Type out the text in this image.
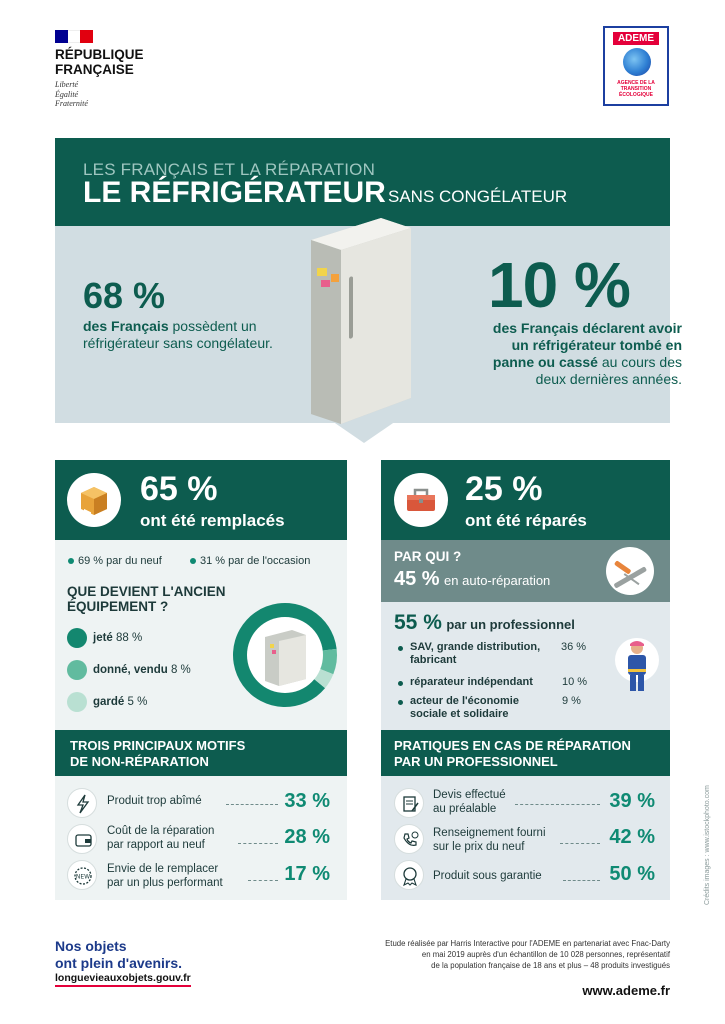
RÉPUBLIQUE
FRANÇAISE
Liberté
Égalité
Fraternité
ADEME
AGENCE DE LA
TRANSITION
ÉCOLOGIQUE
LES FRANÇAIS ET LA RÉPARATION
LE RÉFRIGÉRATEUR SANS CONGÉLATEUR
68 %
des Français possèdent un réfrigérateur sans congélateur.
10 %
des Français déclarent avoir un réfrigérateur tombé en panne ou cassé au cours des deux dernières années.
65 %
ont été remplacés
69 % par du neuf	31 % par de l'occasion
QUE DEVIENT L'ANCIEN
ÉQUIPEMENT ?
jeté 88 %
donné, vendu 8 %
gardé 5 %
TROIS PRINCIPAUX MOTIFS
DE NON-RÉPARATION
Produit trop abîmé	33 %
Coût de la réparation
par rapport au neuf	28 %
NEW
Envie de le remplacer
par un plus performant	17 %
25 %
ont été réparés
PAR QUI ?
45 % en auto-réparation
55 % par un professionnel
SAV, grande distribution,
fabricant
36 %
réparateur indépendant	10 %
acteur de l'économie
sociale et solidaire
9 %
PRATIQUES EN CAS DE RÉPARATION
PAR UN PROFESSIONNEL
Devis effectué
au préalable	39 %
Renseignement fourni
sur le prix du neuf	42 %
Produit sous garantie	50 %	Crédits images : www.istockphoto.com
Nos objets
ont plein d'avenirs.
longuevieauxobjets.gouv.fr
Etude réalisée par Harris Interactive pour l'ADEME en partenariat avec Fnac-Darty
en mai 2019 auprès d'un échantillon de 10 028 personnes, représentatif
de la population française de 18 ans et plus – 48 produits investigués
www.ademe.fr
